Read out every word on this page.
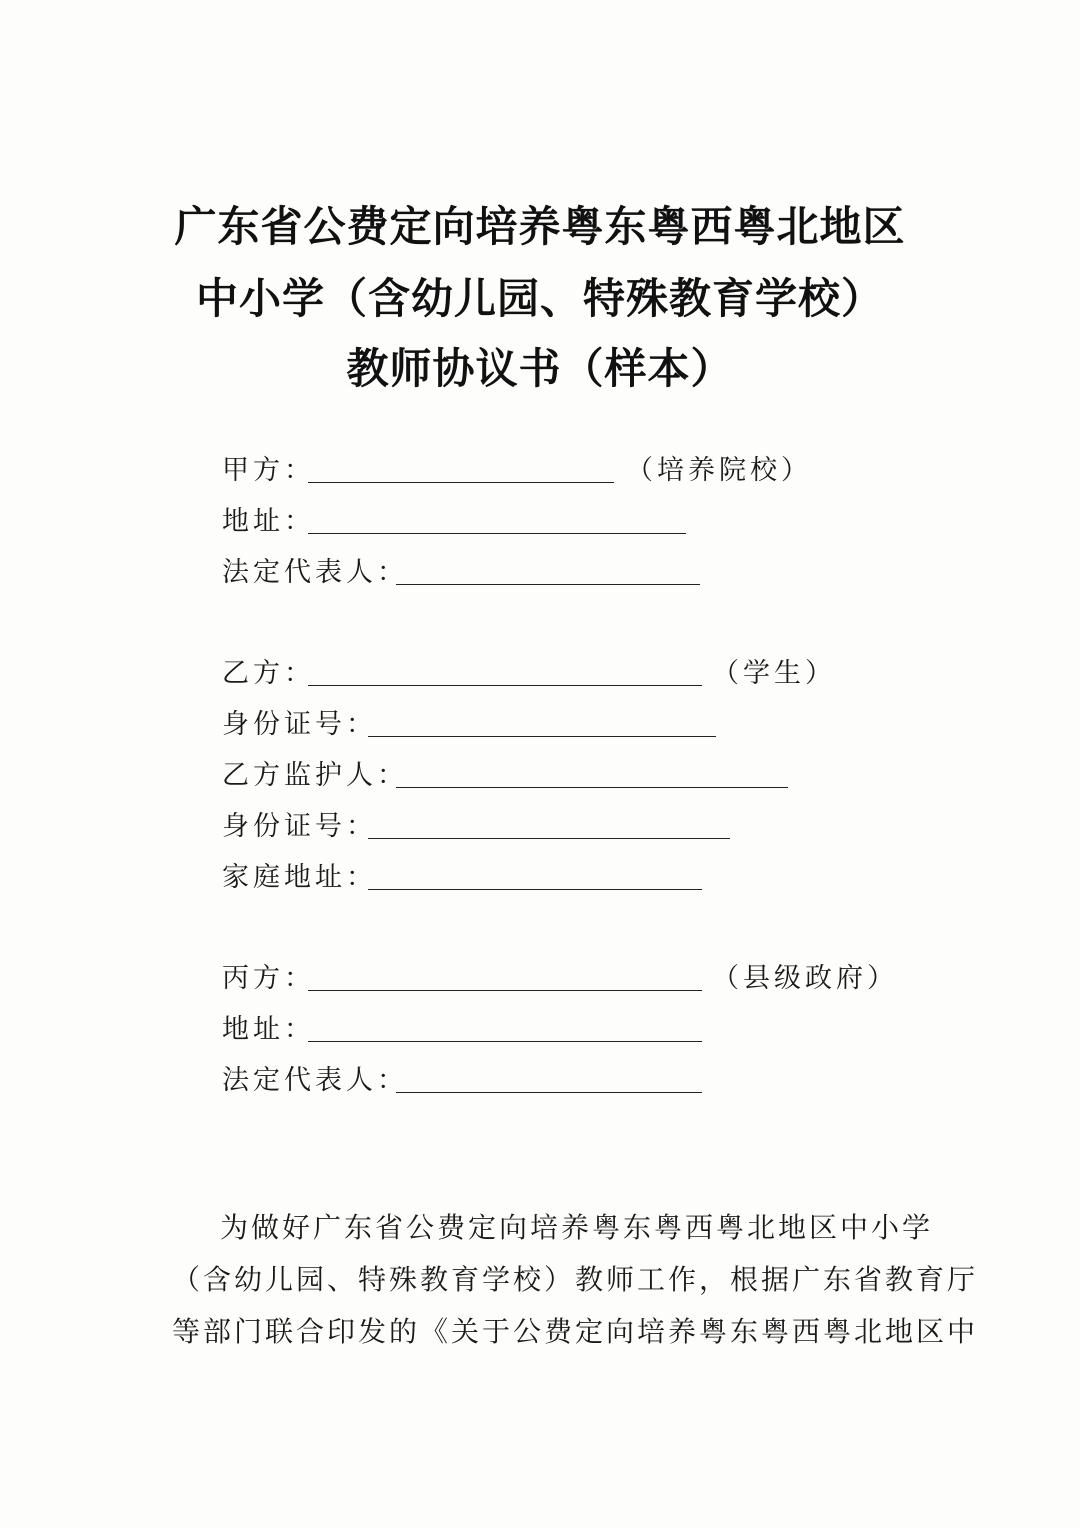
广东省公费定向培养粤东粤西粤北地区
中小学（含幼儿园、特殊教育学校）
教师协议书（样本）
甲方：	（培养院校）
地址：
法定代表人：
乙方：	（学生）
身份证号：
乙方监护人：
身份证号：
家庭地址：
丙方：	（县级政府）
地址：
法定代表人：
为做好广东省公费定向培养粤东粤西粤北地区中小学
（含幼儿园、特殊教育学校）教师工作，根据广东省教育厅
等部门联合印发的《关于公费定向培养粤东粤西粤北地区中
